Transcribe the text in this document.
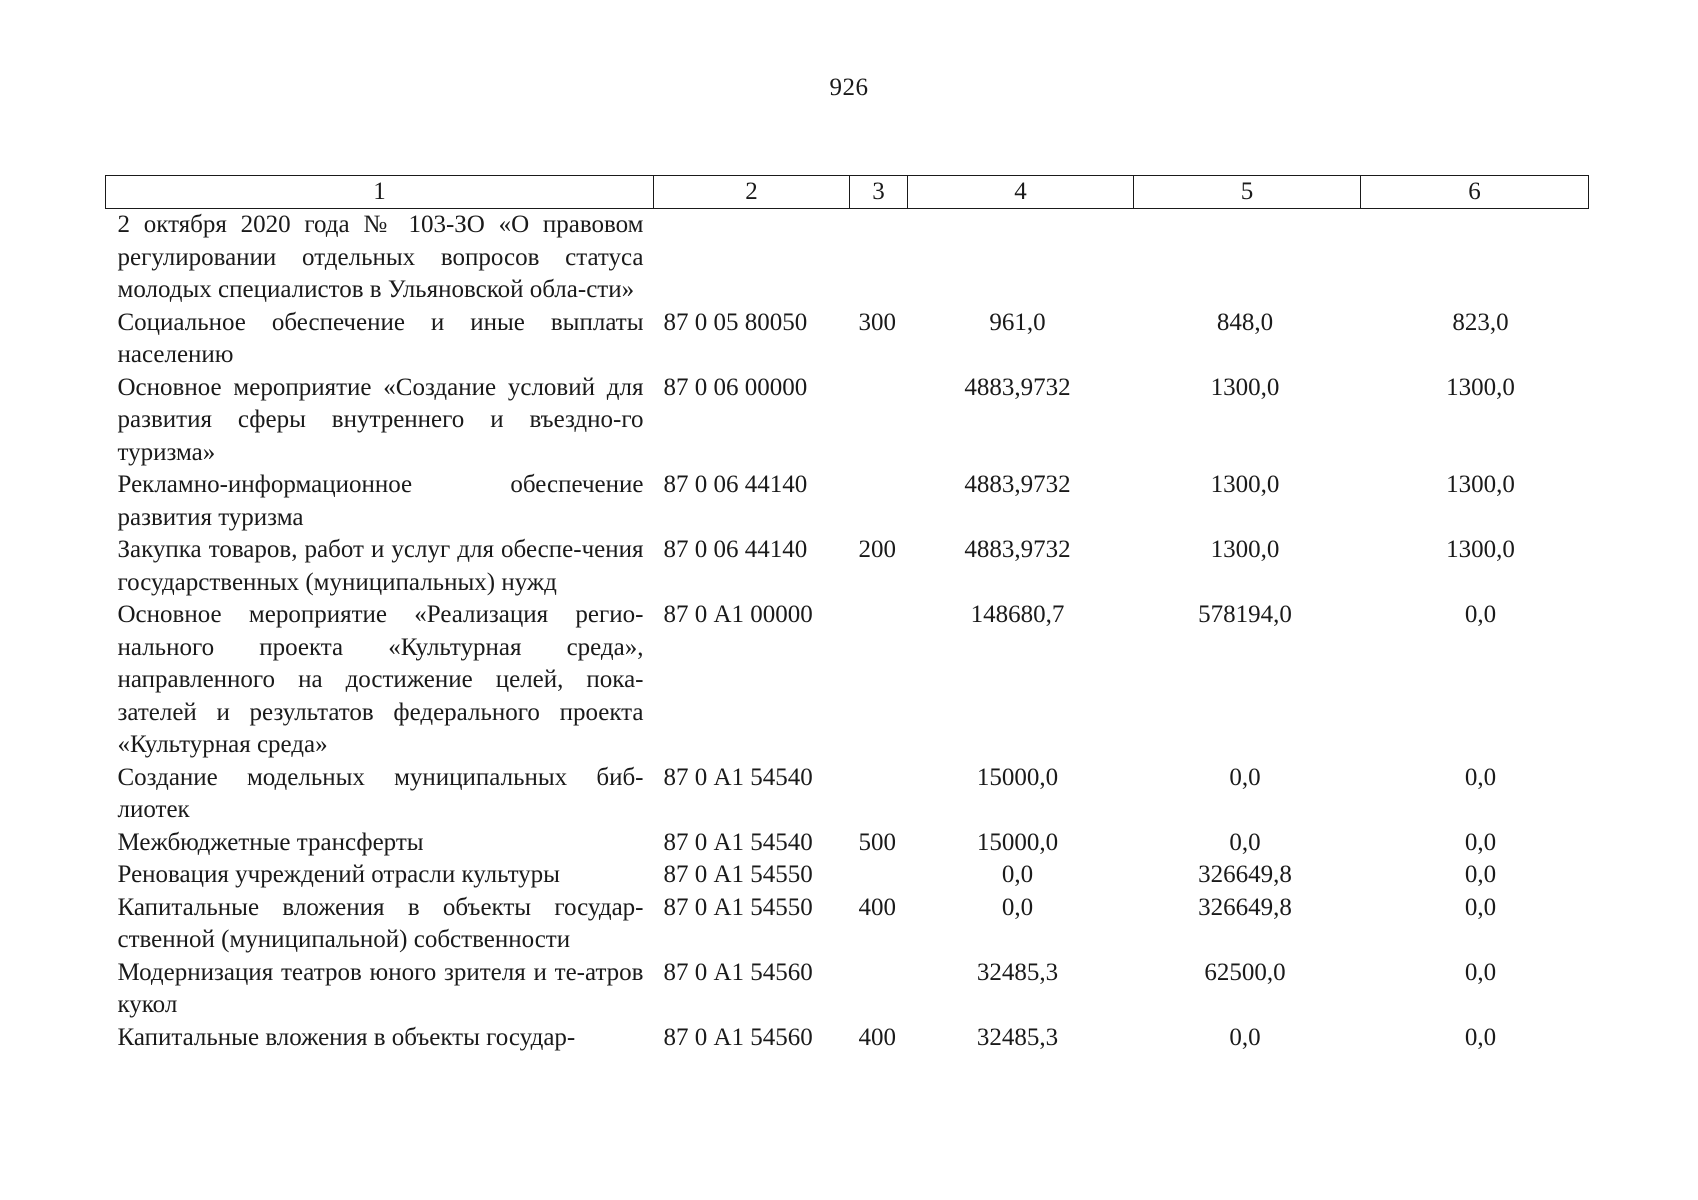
926
1	2	3	4	5	6
2 октября 2020 года № 103-ЗО «О правовом регулировании отдельных вопросов статуса молодых специалистов в Ульяновской обла-сти»					
Социальное обеспечение и иные выплаты населению	87 0 05 80050	300	961,0	848,0	823,0
Основное мероприятие «Создание условий для развития сферы внутреннего и въездно-го туризма»	87 0 06 00000		4883,9732	1300,0	1300,0
Рекламно-информационное обеспечение развития туризма	87 0 06 44140		4883,9732	1300,0	1300,0
Закупка товаров, работ и услуг для обеспе-чения государственных (муниципальных) нужд	87 0 06 44140	200	4883,9732	1300,0	1300,0
Основное мероприятие «Реализация регио-нального проекта «Культурная среда», направленного на достижение целей, пока-зателей и результатов федерального проекта «Культурная среда»	87 0 А1 00000		148680,7	578194,0	0,0
Создание модельных муниципальных биб-лиотек	87 0 А1 54540		15000,0	0,0	0,0
Межбюджетные трансферты	87 0 А1 54540	500	15000,0	0,0	0,0
Реновация учреждений отрасли культуры	87 0 А1 54550		0,0	326649,8	0,0
Капитальные вложения в объекты государ-ственной (муниципальной) собственности	87 0 А1 54550	400	0,0	326649,8	0,0
Модернизация театров юного зрителя и те-атров кукол	87 0 А1 54560		32485,3	62500,0	0,0
Капитальные вложения в объекты государ-	87 0 А1 54560	400	32485,3	0,0	0,0
